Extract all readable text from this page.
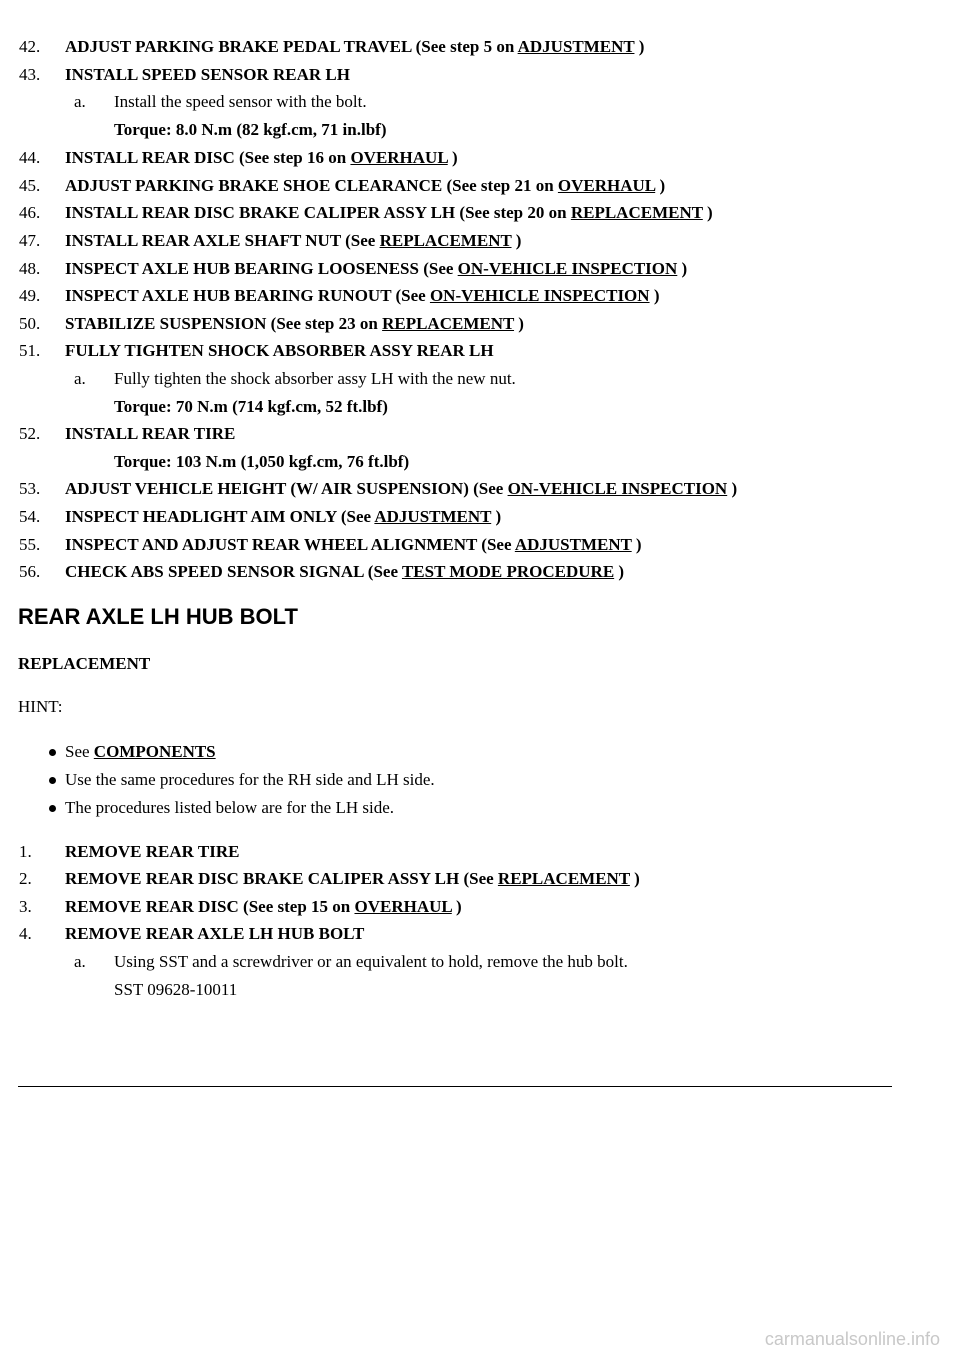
42.	ADJUST PARKING BRAKE PEDAL TRAVEL (See step 5 on ADJUSTMENT )
43.	INSTALL SPEED SENSOR REAR LH
a. Install the speed sensor with the bolt.
Torque: 8.0 N.m (82 kgf.cm, 71 in.lbf)
44.	INSTALL REAR DISC (See step 16 on OVERHAUL )
45.	ADJUST PARKING BRAKE SHOE CLEARANCE (See step 21 on OVERHAUL )
46.	INSTALL REAR DISC BRAKE CALIPER ASSY LH (See step 20 on REPLACEMENT )
47.	INSTALL REAR AXLE SHAFT NUT (See REPLACEMENT )
48.	INSPECT AXLE HUB BEARING LOOSENESS (See ON-VEHICLE INSPECTION )
49.	INSPECT AXLE HUB BEARING RUNOUT (See ON-VEHICLE INSPECTION )
50.	STABILIZE SUSPENSION (See step 23 on REPLACEMENT )
51.	FULLY TIGHTEN SHOCK ABSORBER ASSY REAR LH
a. Fully tighten the shock absorber assy LH with the new nut.
Torque: 70 N.m (714 kgf.cm, 52 ft.lbf)
52.	INSTALL REAR TIRE
Torque: 103 N.m (1,050 kgf.cm, 76 ft.lbf)
53.	ADJUST VEHICLE HEIGHT (W/ AIR SUSPENSION) (See ON-VEHICLE INSPECTION )
54.	INSPECT HEADLIGHT AIM ONLY (See ADJUSTMENT )
55.	INSPECT AND ADJUST REAR WHEEL ALIGNMENT (See ADJUSTMENT )
56.	CHECK ABS SPEED SENSOR SIGNAL (See TEST MODE PROCEDURE )
REAR AXLE LH HUB BOLT
REPLACEMENT
HINT:
See COMPONENTS
Use the same procedures for the RH side and LH side.
The procedures listed below are for the LH side.
1.	REMOVE REAR TIRE
2.	REMOVE REAR DISC BRAKE CALIPER ASSY LH (See REPLACEMENT )
3.	REMOVE REAR DISC (See step 15 on OVERHAUL )
4.	REMOVE REAR AXLE LH HUB BOLT
a. Using SST and a screwdriver or an equivalent to hold, remove the hub bolt.
SST 09628-10011
carmanualsonline.info
